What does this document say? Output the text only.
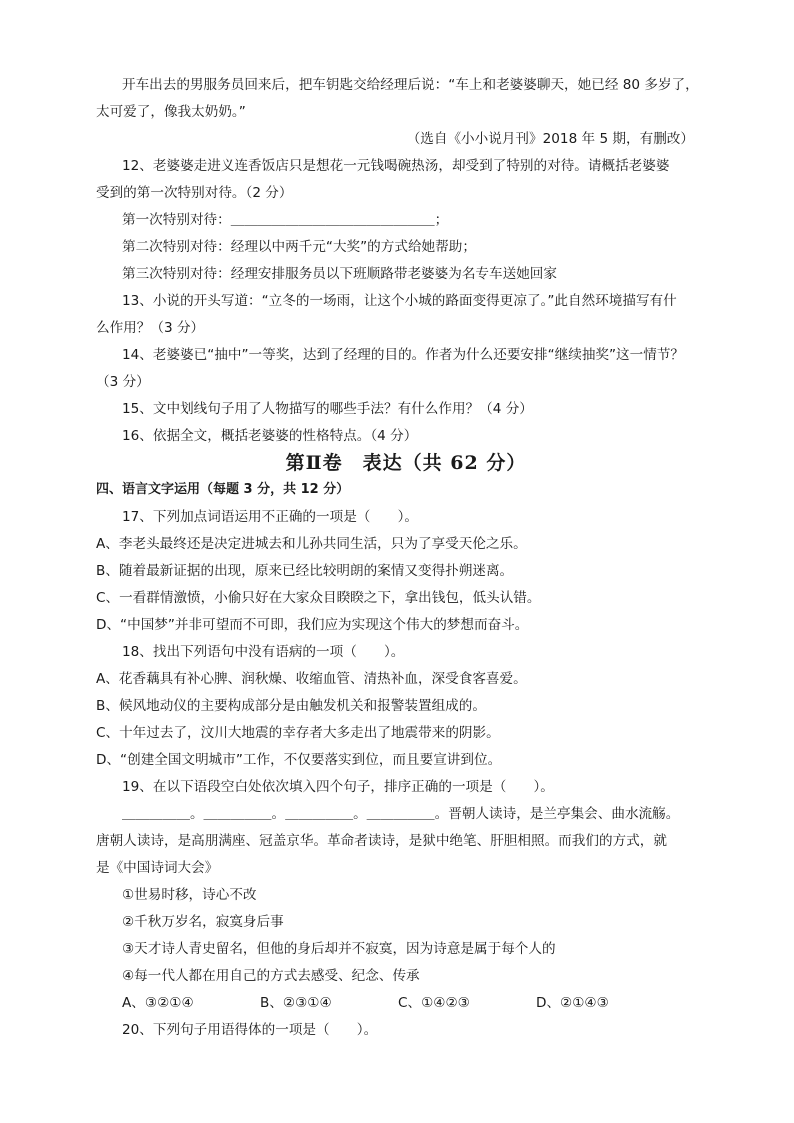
开车出去的男服务员回来后，把车钥匙交给经理后说：“车上和老婆婆聊天，她已经 80 多岁了，
太可爱了，像我太奶奶。”
（选自《小小说月刊》2018 年 5 期，有删改）
12、老婆婆走进义连香饭店只是想花一元钱喝碗热汤，却受到了特别的对待。请概括老婆婆
受到的第一次特别对待。（2 分）
第一次特别对待：＿＿＿＿＿＿＿＿＿＿＿＿＿＿＿；
第二次特别对待：经理以中两千元“大奖”的方式给她帮助；
第三次特别对待：经理安排服务员以下班顺路带老婆婆为名专车送她回家
13、小说的开头写道：“立冬的一场雨，让这个小城的路面变得更凉了。”此自然环境描写有什
么作用？（3 分）
14、老婆婆已“抽中”一等奖，达到了经理的目的。作者为什么还要安排“继续抽奖”这一情节？
（3 分）
15、文中划线句子用了人物描写的哪些手法？有什么作用？（4 分）
16、依据全文，概括老婆婆的性格特点。（4 分）
第Ⅱ卷　表达（共 62 分）
四、语言文字运用（每题 3 分，共 12 分）
17、下列加点词语运用不正确的一项是（　　）。
A、李老头最终还是决定进城去和儿孙共同生活，只为了享受天伦之乐。
B、随着最新证据的出现，原来已经比较明朗的案情又变得扑朔迷离。
C、一看群情激愤，小偷只好在大家众目睽睽之下，拿出钱包，低头认错。
D、“中国梦”并非可望而不可即，我们应为实现这个伟大的梦想而奋斗。
18、找出下列语句中没有语病的一项（　　）。
A、花香藕具有补心脾、润秋燥、收缩血管、清热补血，深受食客喜爱。
B、候风地动仪的主要构成部分是由触发机关和报警装置组成的。
C、十年过去了，汶川大地震的幸存者大多走出了地震带来的阴影。
D、“创建全国文明城市”工作，不仅要落实到位，而且要宣讲到位。
19、在以下语段空白处依次填入四个句子，排序正确的一项是（　　）。
＿＿＿＿＿。＿＿＿＿＿。＿＿＿＿＿。＿＿＿＿＿。晋朝人读诗，是兰亭集会、曲水流觞。
唐朝人读诗，是高朋满座、冠盖京华。革命者读诗，是狱中绝笔、肝胆相照。而我们的方式，就
是《中国诗词大会》
①世易时移，诗心不改
②千秋万岁名，寂寞身后事
③天才诗人青史留名，但他的身后却并不寂寞，因为诗意是属于每个人的
④每一代人都在用自己的方式去感受、纪念、传承
A、③②①④	B、②③①④	C、①④②③	D、②①④③
20、下列句子用语得体的一项是（　　）。
